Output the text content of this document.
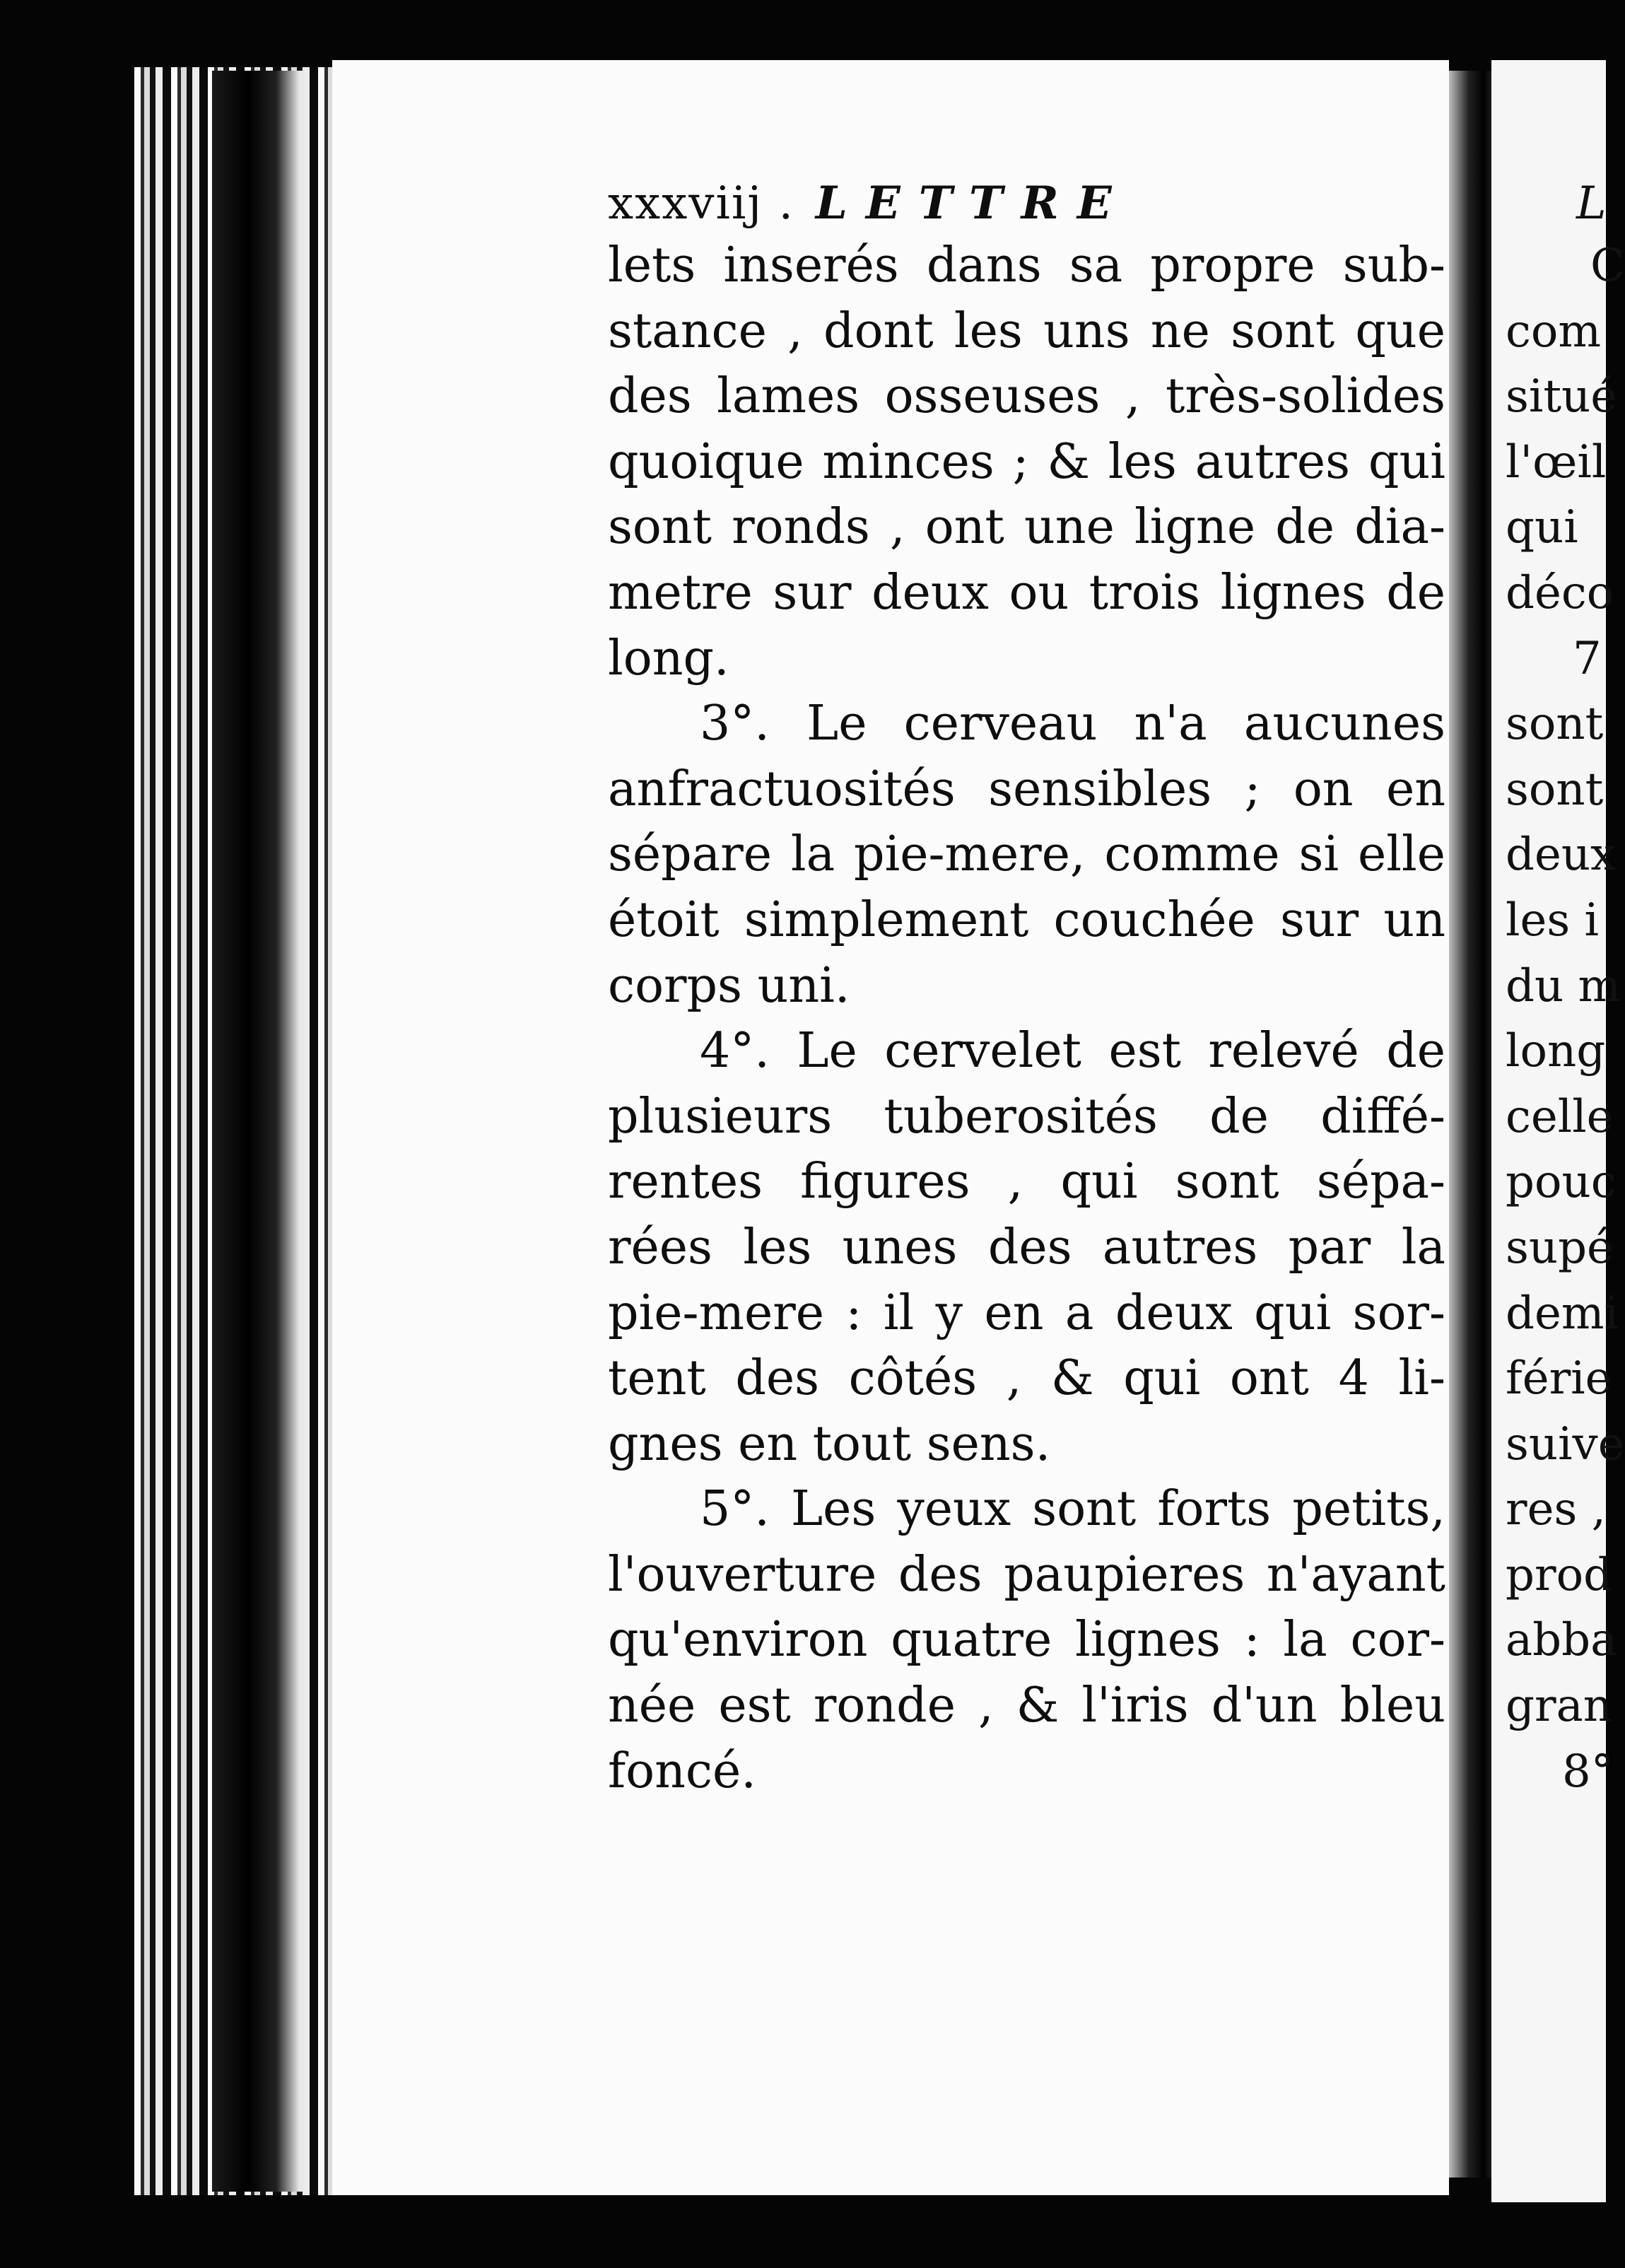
xxxviij . LETTRE
lets inserés dans sa propre sub-
stance , dont les uns ne sont que
des lames osseuses , très-solides
quoique minces ; & les autres qui
sont ronds , ont une ligne de dia-
metre sur deux ou trois lignes de
long.
3°. Le cerveau n'a aucunes
anfractuosités sensibles ; on en
sépare la pie-mere, comme si elle
étoit simplement couchée sur un
corps uni.
4°. Le cervelet est relevé de
plusieurs tuberosités de diffé-
rentes figures , qui sont sépa-
rées les unes des autres par la
pie-mere : il y en a deux qui sor-
tent des côtés , & qui ont 4 li-
gnes en tout sens.
5°. Les yeux sont forts petits,
l'ouverture des paupieres n'ayant
qu'environ quatre lignes : la cor-
née est ronde , & l'iris d'un bleu
foncé.
L
C
com
situé
l'œil
qui
déco
7
sont
sont
deux
les i
du m
long
celle
pouc
supé
demi
férie
suive
res ,
prod
abba
gran
8°
